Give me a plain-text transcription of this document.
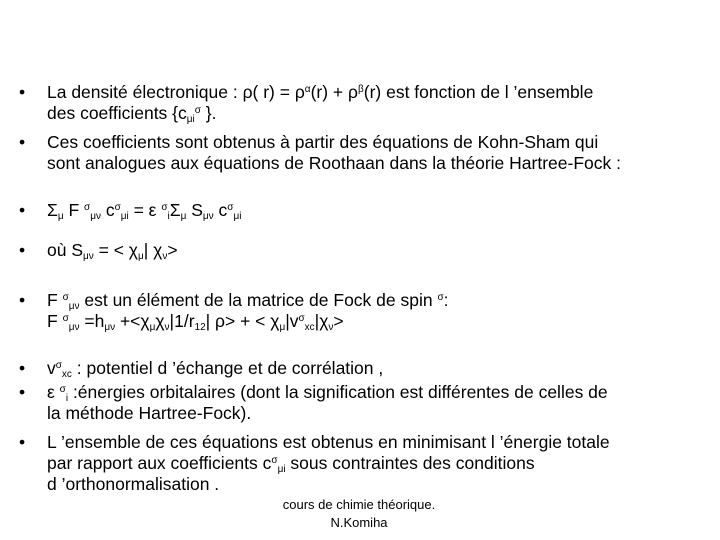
•	La densité électronique : ρ( $r) = \rho^\alpha(r) + \rho^\beta(r)$ est fonction de l ’ensemble
des coefficients {$c_{\mu i}^\sigma$ }.
•	Ces coefficients sont obtenus à partir des équations de Kohn-Sham qui
sont analogues aux équations de Roothaan dans la théorie Hartree-Fock :
•	$\Sigma_\mu$ F $^\sigma_{\mu\nu}$ $c^\sigma_{\mu i} = \varepsilon$ $^\sigma_i\Sigma_\mu$ $S_{\mu\nu}$ $c^\sigma_{\mu i}$
•	où $S_{\mu\nu}$ = < $\chi_\mu|$ $\chi_\nu>$
•	F $^\sigma_{\mu\nu}$ est un élément de la matrice de Fock de spin $^\sigma$:
F $^\sigma_{\mu\nu} =h_{\mu\nu} +<\chi_\mu\chi_\nu|1/r_{12}|$ ρ> + < $\chi_\mu|v^\sigma_{xc}|\chi_\nu>$
•	$v^\sigma_{xc}$ : potentiel d ’échange et de corrélation ,
•	ε $^\sigma_i$ :énergies orbitalaires (dont la signification est différentes de celles de
la méthode Hartree-Fock).
•	L ’ensemble de ces équations est obtenus en minimisant l ’énergie totale
par rapport aux coefficients $c^\sigma_{\mu i}$ sous contraintes des conditions
d ’orthonormalisation .
cours de chimie théorique.
N.Komiha
